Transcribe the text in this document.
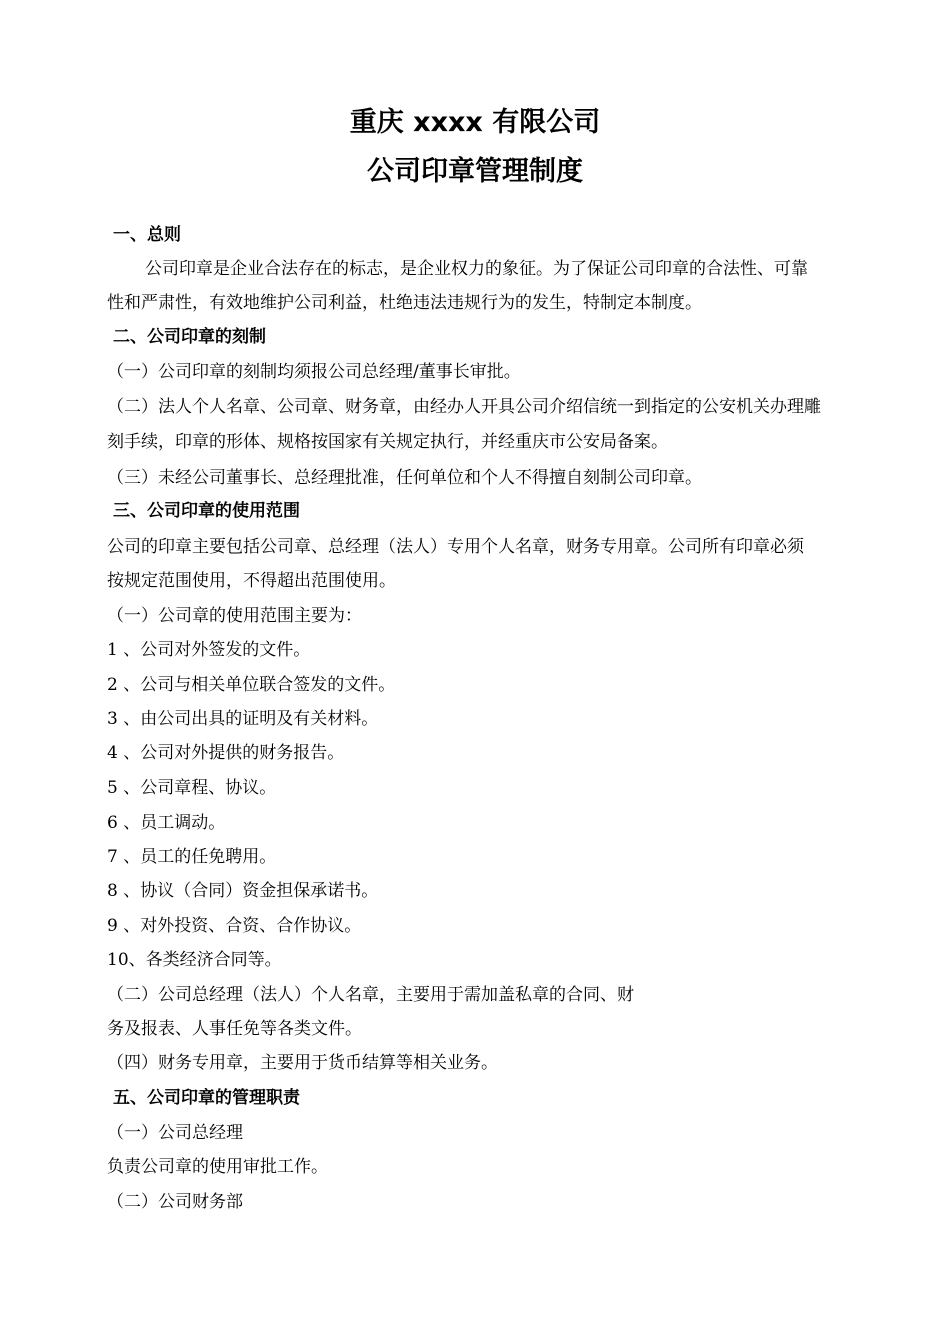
重庆 xxxx 有限公司
公司印章管理制度

一、总则

公司印章是企业合法存在的标志，是企业权力的象征。为了保证公司印章的合法性、可靠

性和严肃性，有效地维护公司利益，杜绝违法违规行为的发生，特制定本制度。

二、公司印章的刻制

（一）公司印章的刻制均须报公司总经理/董事长审批。

（二）法人个人名章、公司章、财务章，由经办人开具公司介绍信统一到指定的公安机关办理雕

刻手续，印章的形体、规格按国家有关规定执行，并经重庆市公安局备案。

（三）未经公司董事长、总经理批准，任何单位和个人不得擅自刻制公司印章。

三、公司印章的使用范围

公司的印章主要包括公司章、总经理（法人）专用个人名章，财务专用章。公司所有印章必须

按规定范围使用，不得超出范围使用。

（一）公司章的使用范围主要为：

1 、公司对外签发的文件。

2 、公司与相关单位联合签发的文件。

3 、由公司出具的证明及有关材料。

4 、公司对外提供的财务报告。

5 、公司章程、协议。

6 、员工调动。

7 、员工的任免聘用。

8 、协议（合同）资金担保承诺书。

9 、对外投资、合资、合作协议。

10、各类经济合同等。

（二）公司总经理（法人）个人名章，主要用于需加盖私章的合同、财

务及报表、人事任免等各类文件。

（四）财务专用章，主要用于货币结算等相关业务。

五、公司印章的管理职责

（一）公司总经理

负责公司章的使用审批工作。

（二）公司财务部
